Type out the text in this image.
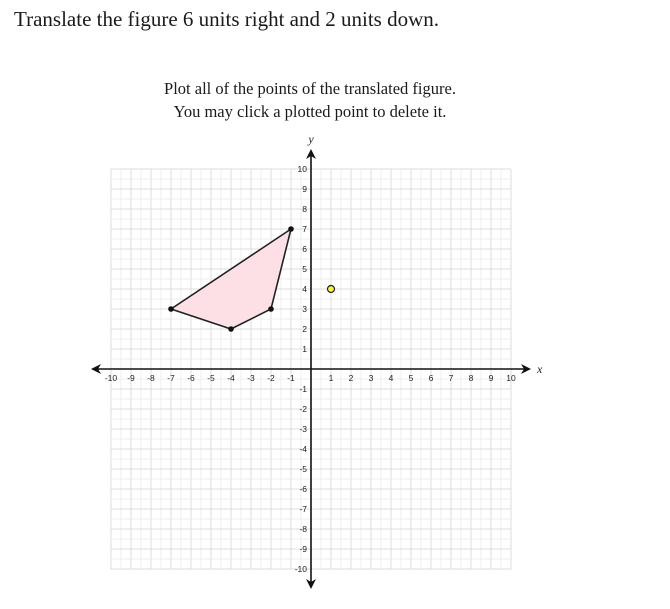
Translate the figure 6 units right and 2 units down.
Plot all of the points of the translated figure.
You may click a plotted point to delete it.
-10 -9 -8 -7 -6 -5 -4 -3 -2 -1	1 2 3 4 5 6 7 8 9 10
10
9
8
7
6
5
4
3
2
1
-1
-2
-3
-4
-5
-6
-7
-8
-9
-10
x
y
